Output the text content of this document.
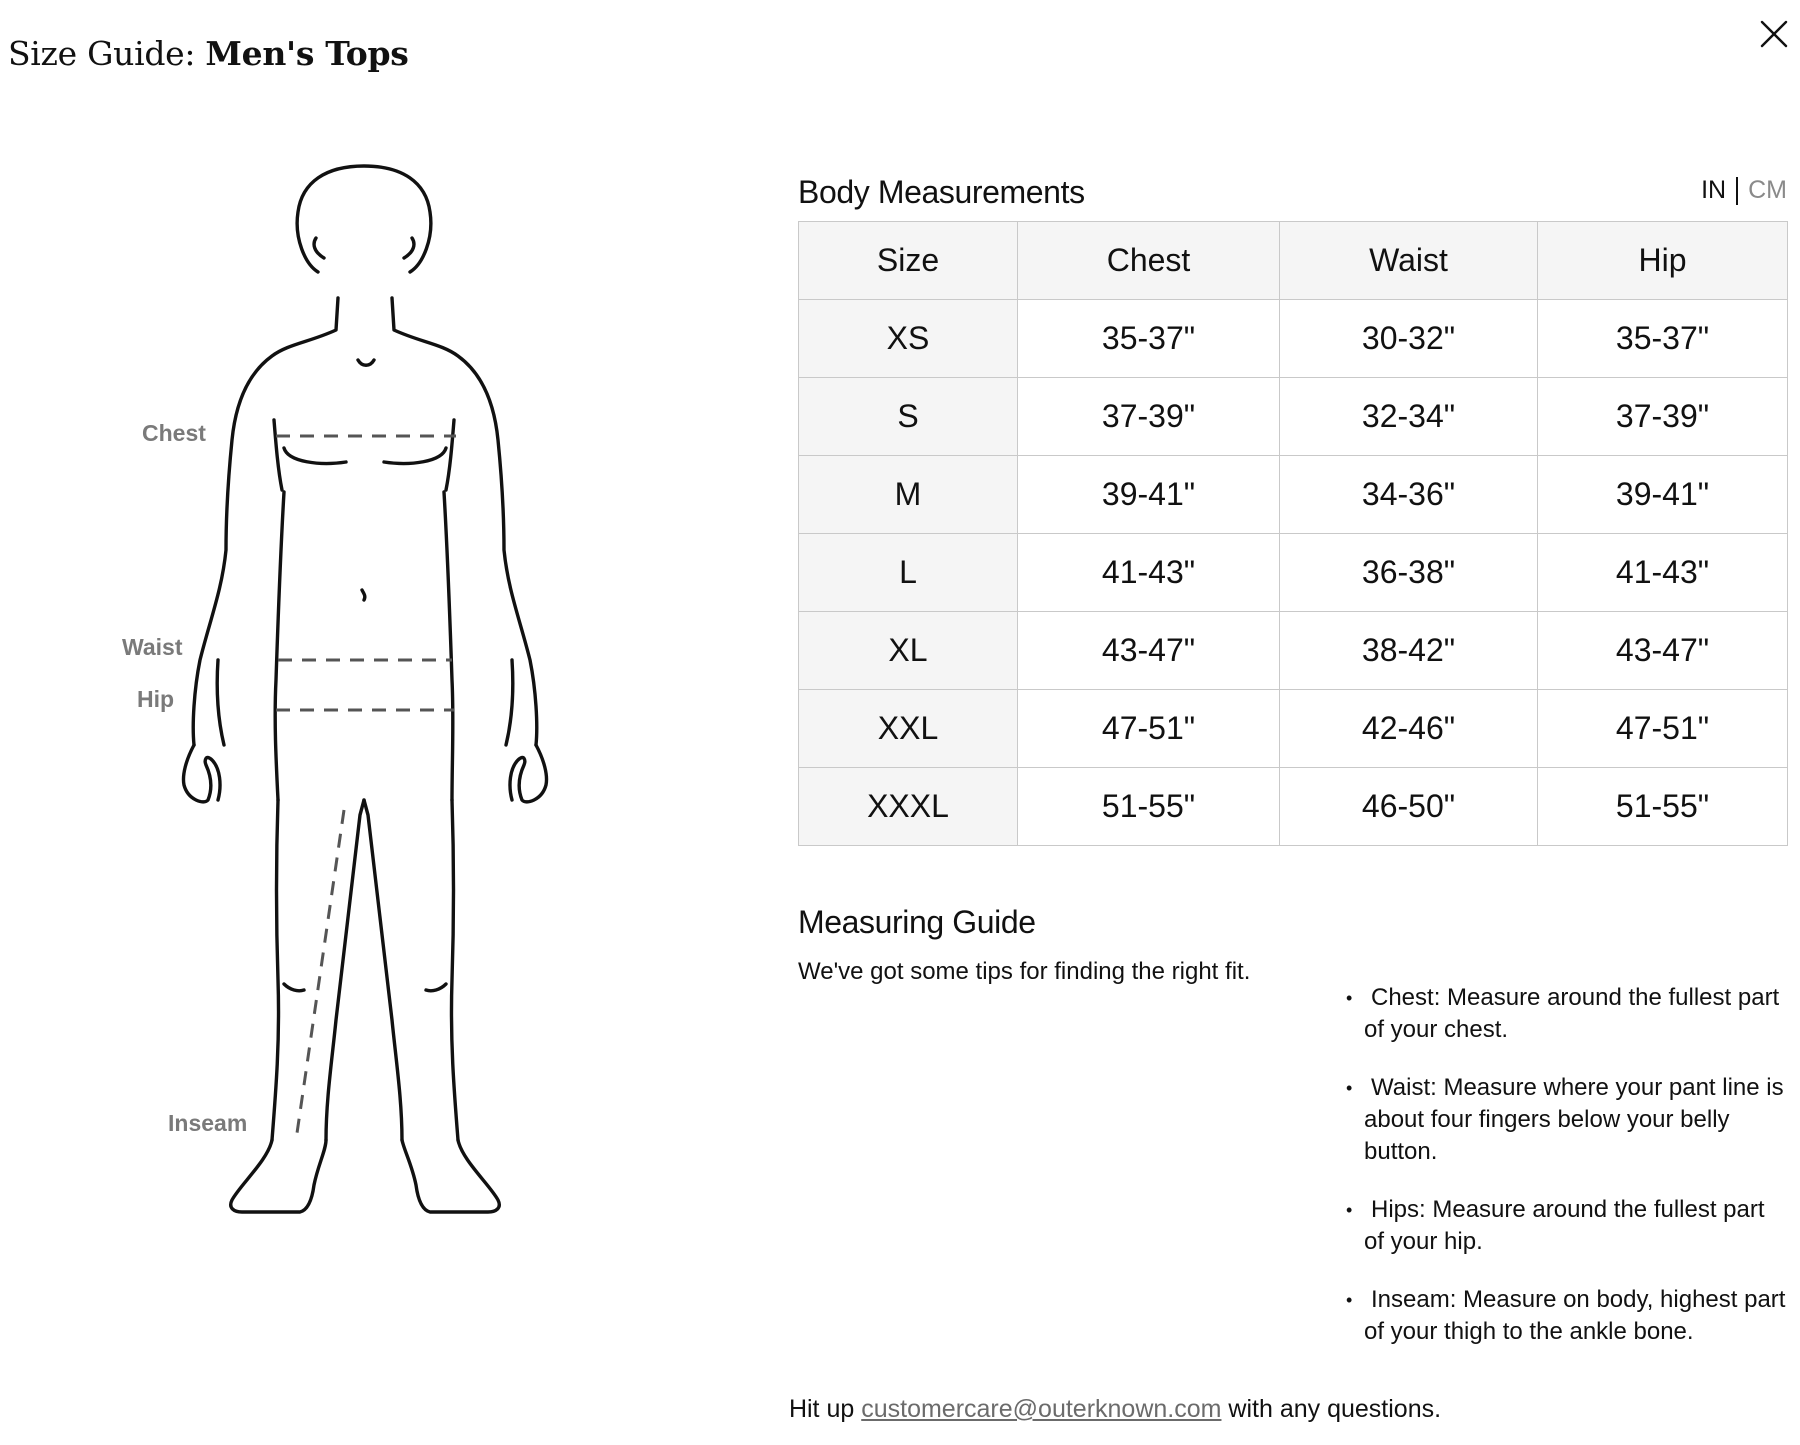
Size Guide: Men's Tops
Chest
Waist
Hip
Inseam
Body Measurements	IN CM
Size	Chest	Waist	Hip
XS	35-37"	30-32"	35-37"
S	37-39"	32-34"	37-39"
M	39-41"	34-36"	39-41"
L	41-43"	36-38"	41-43"
XL	43-47"	38-42"	43-47"
XXL	47-51"	42-46"	47-51"
XXXL	51-55"	46-50"	51-55"
Measuring Guide

We've got some tips for finding the right fit.

• Chest: Measure around the fullest part of your chest.
• Waist: Measure where your pant line is about four fingers below your belly button.
• Hips: Measure around the fullest part of your hip.
• Inseam: Measure on body, highest part of your thigh to the ankle bone.

Hit up customercare@outerknown.com with any questions.
